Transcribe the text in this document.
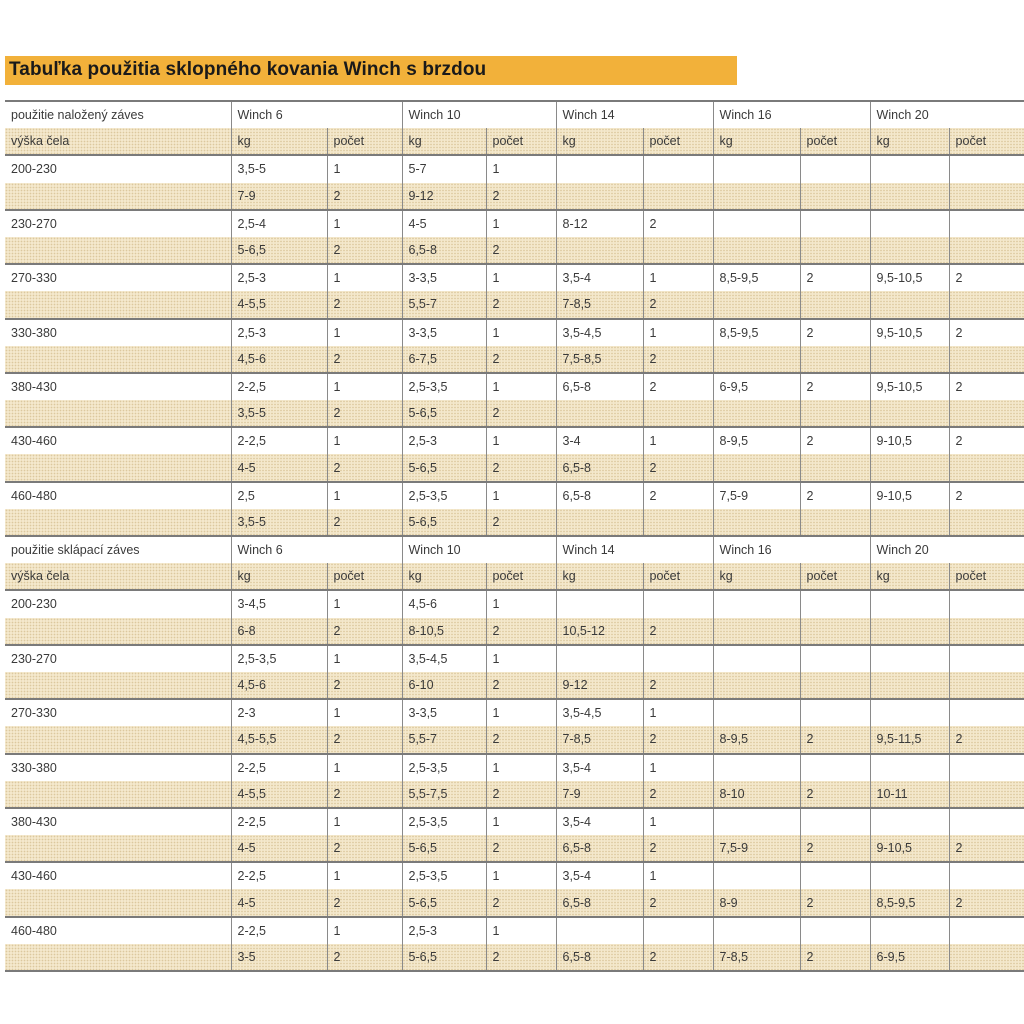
Tabuľka použitia sklopného kovania Winch s brzdou
použitie naložený záves	Winch 6		Winch 10		Winch 14		Winch 16		Winch 20	
výška čela	kg	počet	kg	počet	kg	počet	kg	počet	kg	počet
200-230	3,5-5	1	5-7	1						
	7-9	2	9-12	2						
230-270	2,5-4	1	4-5	1	8-12	2				
	5-6,5	2	6,5-8	2						
270-330	2,5-3	1	3-3,5	1	3,5-4	1	8,5-9,5	2	9,5-10,5	2
	4-5,5	2	5,5-7	2	7-8,5	2				
330-380	2,5-3	1	3-3,5	1	3,5-4,5	1	8,5-9,5	2	9,5-10,5	2
	4,5-6	2	6-7,5	2	7,5-8,5	2				
380-430	2-2,5	1	2,5-3,5	1	6,5-8	2	6-9,5	2	9,5-10,5	2
	3,5-5	2	5-6,5	2						
430-460	2-2,5	1	2,5-3	1	3-4	1	8-9,5	2	9-10,5	2
	4-5	2	5-6,5	2	6,5-8	2				
460-480	2,5	1	2,5-3,5	1	6,5-8	2	7,5-9	2	9-10,5	2
	3,5-5	2	5-6,5	2						
použitie sklápací záves	Winch 6		Winch 10		Winch 14		Winch 16		Winch 20	
výška čela	kg	počet	kg	počet	kg	počet	kg	počet	kg	počet
200-230	3-4,5	1	4,5-6	1						
	6-8	2	8-10,5	2	10,5-12	2				
230-270	2,5-3,5	1	3,5-4,5	1						
	4,5-6	2	6-10	2	9-12	2				
270-330	2-3	1	3-3,5	1	3,5-4,5	1				
	4,5-5,5	2	5,5-7	2	7-8,5	2	8-9,5	2	9,5-11,5	2
330-380	2-2,5	1	2,5-3,5	1	3,5-4	1				
	4-5,5	2	5,5-7,5	2	7-9	2	8-10	2	10-11	
380-430	2-2,5	1	2,5-3,5	1	3,5-4	1				
	4-5	2	5-6,5	2	6,5-8	2	7,5-9	2	9-10,5	2
430-460	2-2,5	1	2,5-3,5	1	3,5-4	1				
	4-5	2	5-6,5	2	6,5-8	2	8-9	2	8,5-9,5	2
460-480	2-2,5	1	2,5-3	1						
	3-5	2	5-6,5	2	6,5-8	2	7-8,5	2	6-9,5	
